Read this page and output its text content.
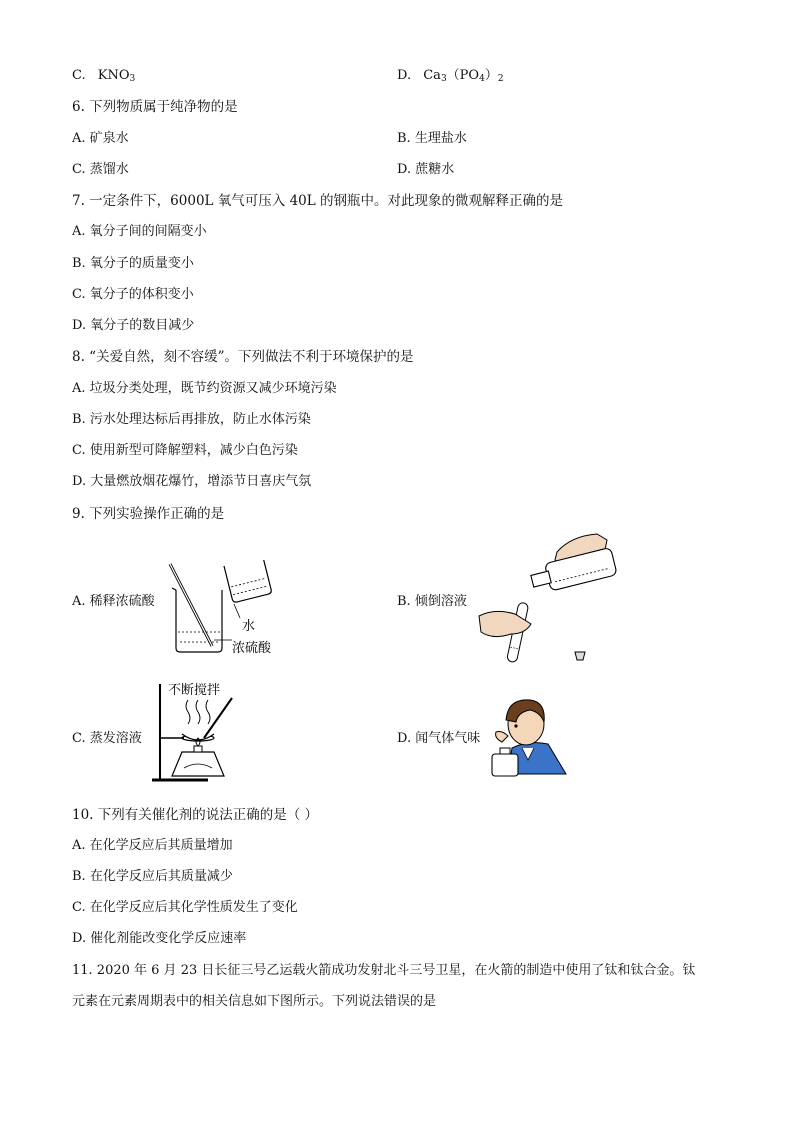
C. $KNO_3$	D. $Ca_3(PO_4)_2$
6. 下列物质属于纯净物的是
A. 矿泉水	B. 生理盐水
C. 蒸馏水	D. 蔗糖水
7. 一定条件下，6000L 氧气可压入 40L 的钢瓶中。对此现象的微观解释正确的是
A. 氧分子间的间隔变小
B. 氧分子的质量变小
C. 氧分子的体积变小
D. 氧分子的数目减少
8. “关爱自然，刻不容缓”。下列做法不利于环境保护的是
A. 垃圾分类处理，既节约资源又减少环境污染
B. 污水处理达标后再排放，防止水体污染
C. 使用新型可降解塑料，减少白色污染
D. 大量燃放烟花爆竹，增添节日喜庆气氛
9. 下列实验操作正确的是
A. 稀释浓硫酸	B. 倾倒溶液
C. 蒸发溶液	D. 闻气体气味
水
浓硫酸
不断搅拌
10. 下列有关催化剂的说法正确的是（ ）
A. 在化学反应后其质量增加
B. 在化学反应后其质量减少
C. 在化学反应后其化学性质发生了变化
D. 催化剂能改变化学反应速率
11. 2020 年 6 月 23 日长征三号乙运载火箭成功发射北斗三号卫星，在火箭的制造中使用了钛和钛合金。钛
元素在元素周期表中的相关信息如下图所示。下列说法错误的是
